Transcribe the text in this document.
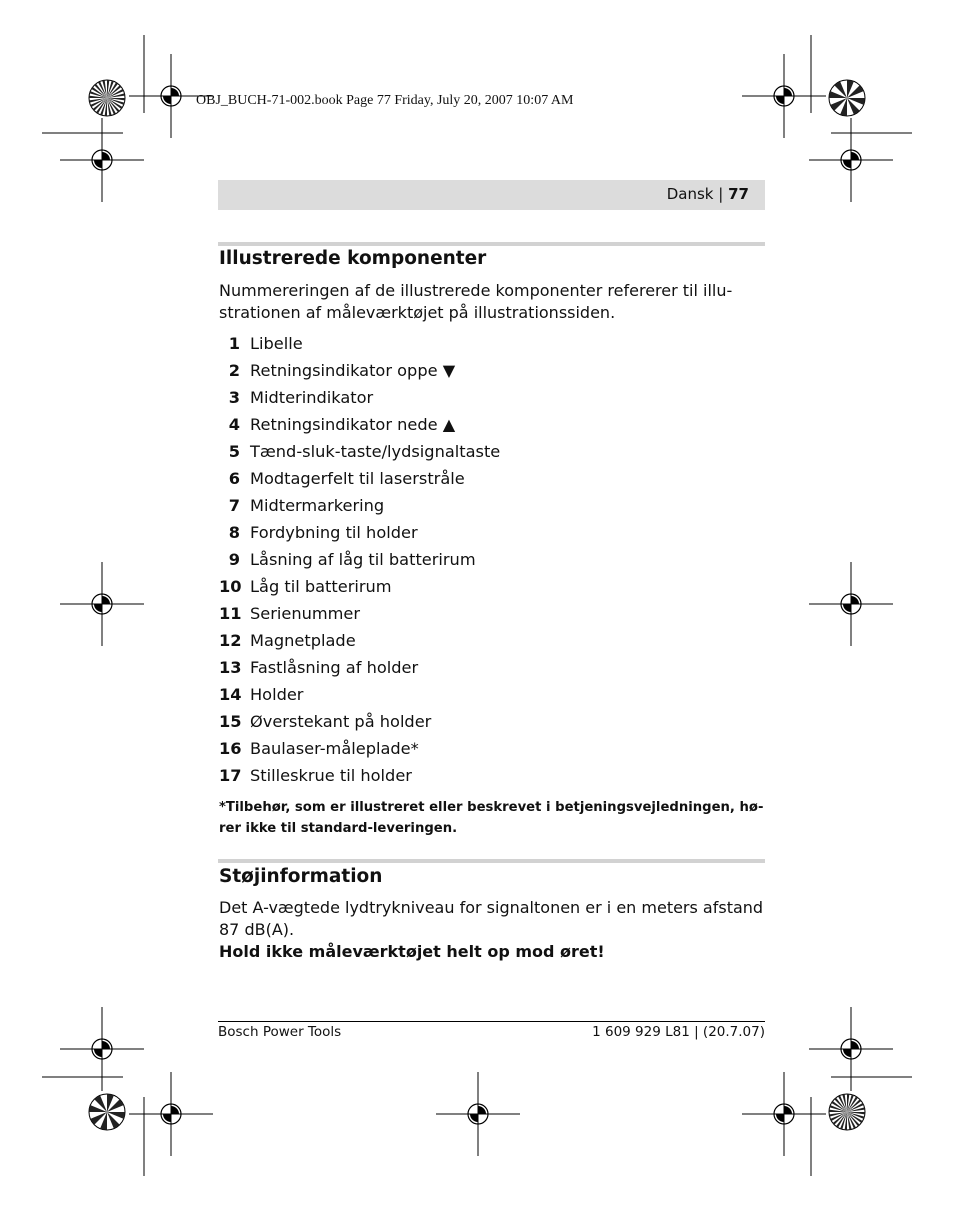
OBJ_BUCH-71-002.book Page 77 Friday, July 20, 2007 10:07 AM
Dansk | 77
Illustrerede komponenter
Nummereringen af de illustrerede komponenter refererer til illu-
strationen af måleværktøjet på illustrationssiden.
1 Libelle
2 Retningsindikator oppe ▼
3 Midterindikator
4 Retningsindikator nede ▲
5 Tænd-sluk-taste/lydsignaltaste
6 Modtagerfelt til laserstråle
7 Midtermarkering
8 Fordybning til holder
9 Låsning af låg til batterirum
10 Låg til batterirum
11 Serienummer
12 Magnetplade
13 Fastlåsning af holder
14 Holder
15 Øverstekant på holder
16 Baulaser-måleplade*
17 Stilleskrue til holder
*Tilbehør, som er illustreret eller beskrevet i betjeningsvejledningen, hø-
rer ikke til standard-leveringen.
Støjinformation
Det A-vægtede lydtrykniveau for signaltonen er i en meters afstand
87 dB(A).
Hold ikke måleværktøjet helt op mod øret!
Bosch Power Tools	1 609 929 L81 | (20.7.07)
